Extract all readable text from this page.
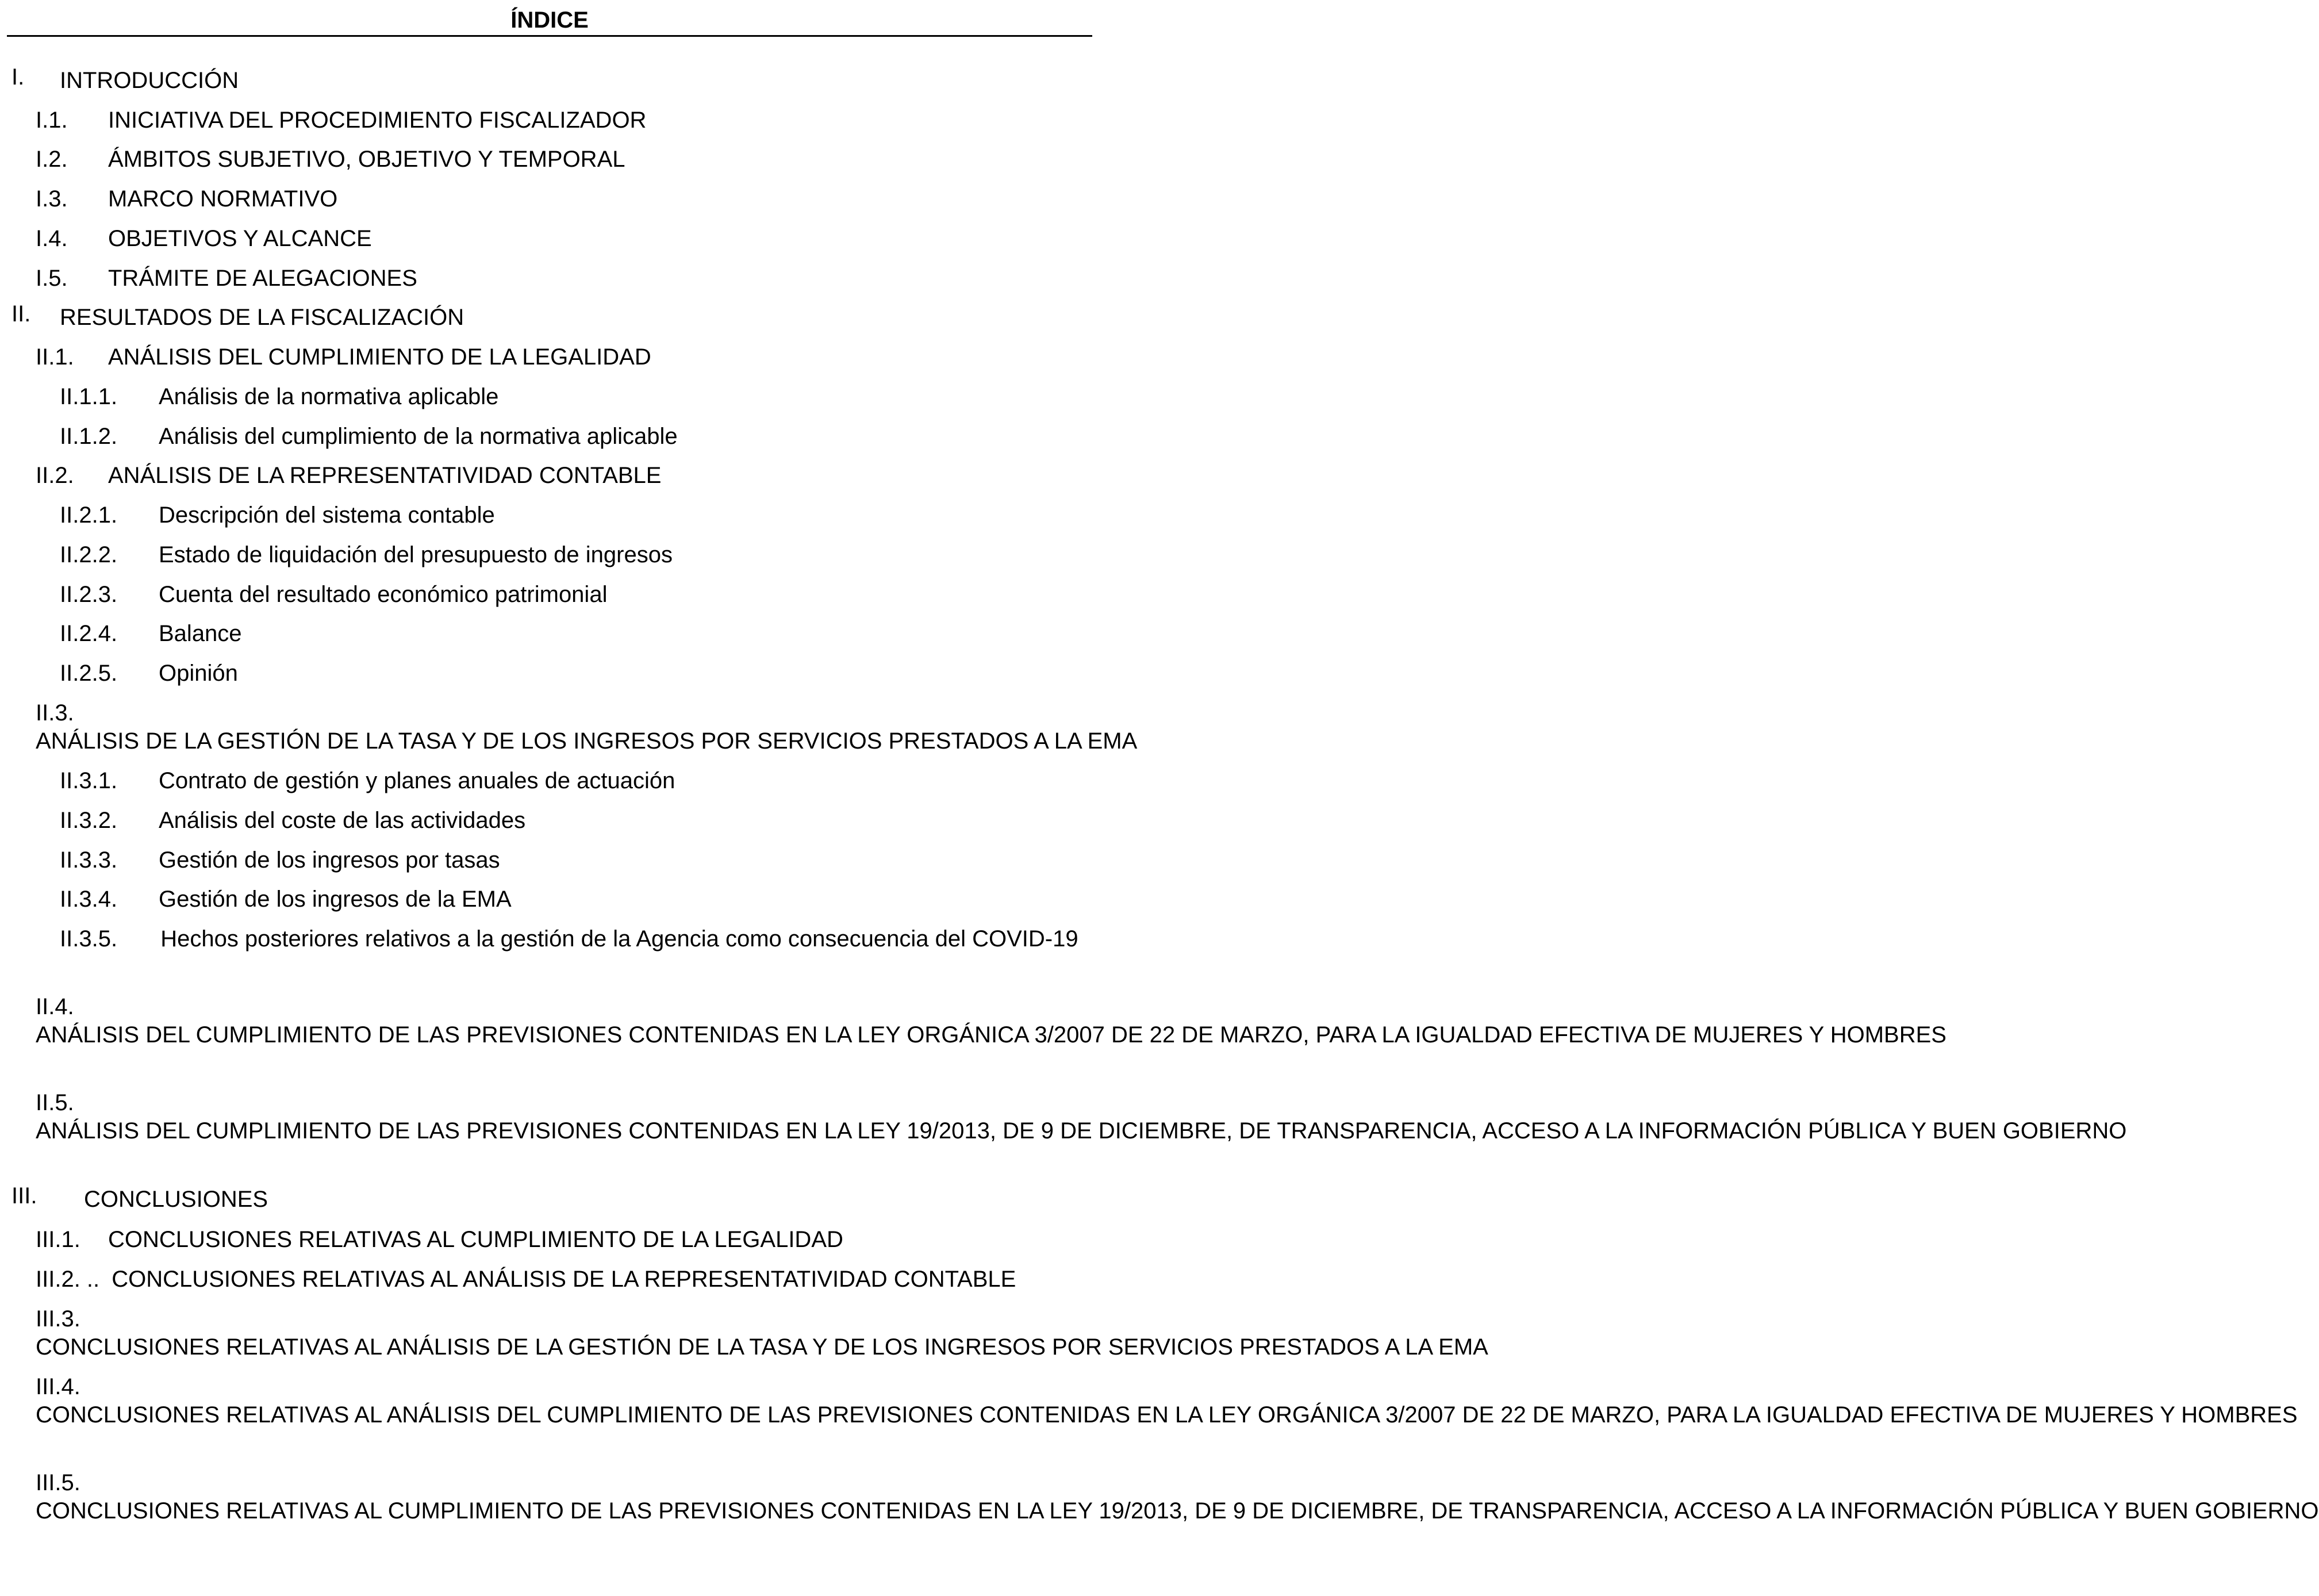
ÍNDICE
I. INTRODUCCIÓN
I.1. INICIATIVA DEL PROCEDIMIENTO FISCALIZADOR
I.2. ÁMBITOS SUBJETIVO, OBJETIVO Y TEMPORAL
I.3. MARCO NORMATIVO
I.4. OBJETIVOS Y ALCANCE
I.5. TRÁMITE DE ALEGACIONES
II. RESULTADOS DE LA FISCALIZACIÓN
II.1. ANÁLISIS DEL CUMPLIMIENTO DE LA LEGALIDAD
II.1.1. Análisis de la normativa aplicable
II.1.2. Análisis del cumplimiento de la normativa aplicable
II.2. ANÁLISIS DE LA REPRESENTATIVIDAD CONTABLE
II.2.1. Descripción del sistema contable
II.2.2. Estado de liquidación del presupuesto de ingresos
II.2.3. Cuenta del resultado económico patrimonial
II.2.4. Balance
II.2.5. Opinión
II.3. ANÁLISIS DE LA GESTIÓN DE LA TASA Y DE LOS INGRESOS POR SERVICIOS PRESTADOS A LA EMA
II.3.1. Contrato de gestión y planes anuales de actuación
II.3.2. Análisis del coste de las actividades
II.3.3. Gestión de los ingresos por tasas
II.3.4. Gestión de los ingresos de la EMA
II.3.5. Hechos posteriores relativos a la gestión de la Agencia como consecuencia del COVID-19
II.4. ANÁLISIS DEL CUMPLIMIENTO DE LAS PREVISIONES CONTENIDAS EN LA LEY ORGÁNICA 3/2007 DE 22 DE MARZO, PARA LA IGUALDAD EFECTIVA DE MUJERES Y HOMBRES
II.5. ANÁLISIS DEL CUMPLIMIENTO DE LAS PREVISIONES CONTENIDAS EN LA LEY 19/2013, DE 9 DE DICIEMBRE, DE TRANSPARENCIA, ACCESO A LA INFORMACIÓN PÚBLICA Y BUEN GOBIERNO
III. CONCLUSIONES
III.1. CONCLUSIONES RELATIVAS AL CUMPLIMIENTO DE LA LEGALIDAD
III.2. .. CONCLUSIONES RELATIVAS AL ANÁLISIS DE LA REPRESENTATIVIDAD CONTABLE
III.3. CONCLUSIONES RELATIVAS AL ANÁLISIS DE LA GESTIÓN DE LA TASA Y DE LOS INGRESOS POR SERVICIOS PRESTADOS A LA EMA
III.4. CONCLUSIONES RELATIVAS AL ANÁLISIS DEL CUMPLIMIENTO DE LAS PREVISIONES CONTENIDAS EN LA LEY ORGÁNICA 3/2007 DE 22 DE MARZO, PARA LA IGUALDAD EFECTIVA DE MUJERES Y HOMBRES
III.5. CONCLUSIONES RELATIVAS AL CUMPLIMIENTO DE LAS PREVISIONES CONTENIDAS EN LA LEY 19/2013, DE 9 DE DICIEMBRE, DE TRANSPARENCIA, ACCESO A LA INFORMACIÓN PÚBLICA Y BUEN GOBIERNO
